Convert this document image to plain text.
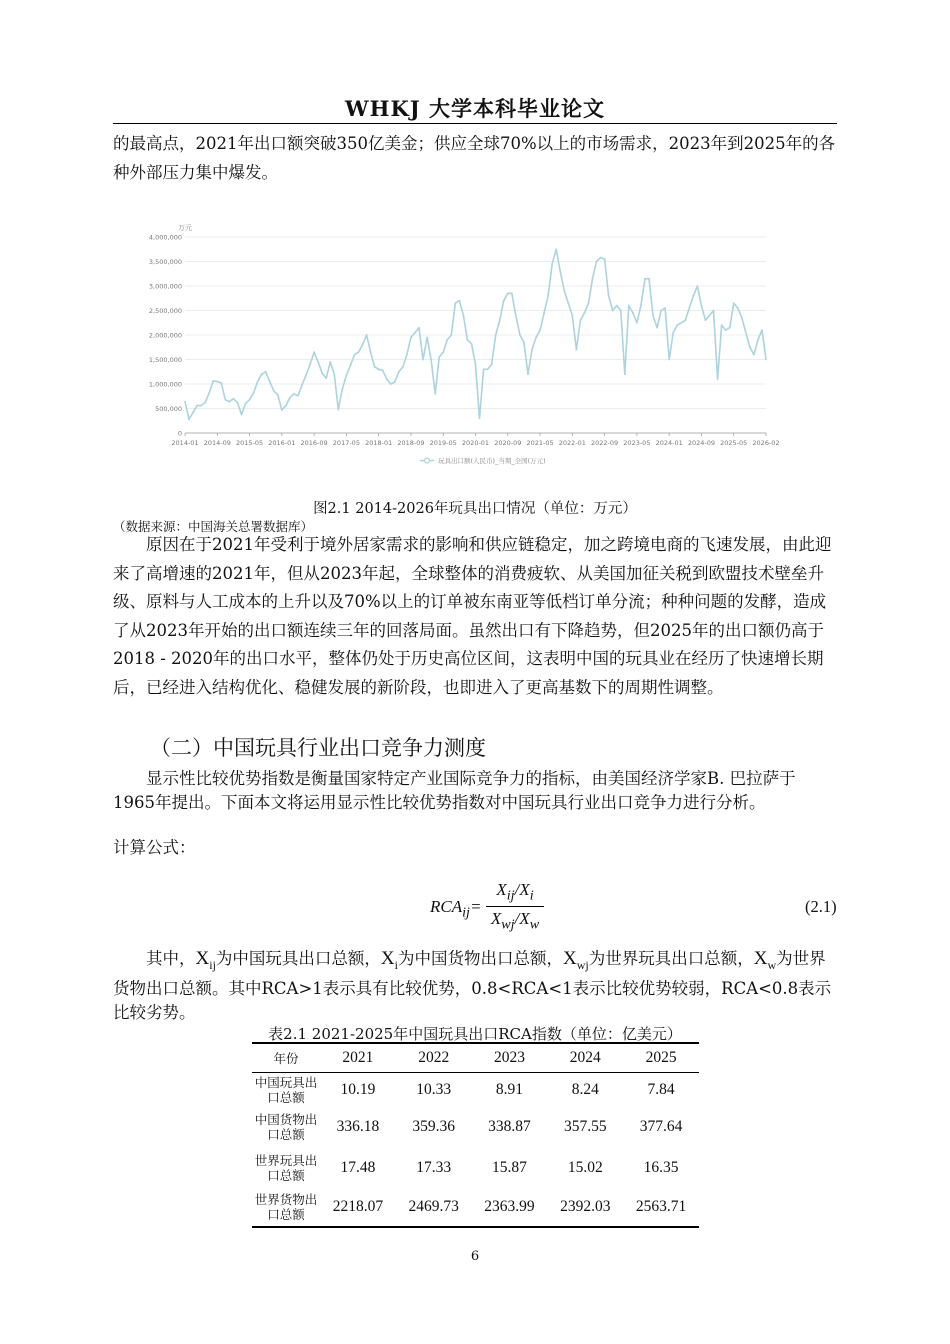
WHKJ 大学本科毕业论文

的最高点，2021年出口额突破350亿美金；供应全球70%以上的市场需求，2023年到2025年的各种外部压力集中爆发。

万元
0
500,000
1,000,000
1,500,000
2,000,000
2,500,000
3,000,000
3,500,000
4,000,000
2014-01 2014-09 2015-05 2016-01 2016-09 2017-05 2018-01 2018-09 2019-05 2020-01 2020-09 2021-05 2022-01 2022-09 2023-05 2024-01 2024-09 2025-05 2026-02
玩具出口额(人民币)_当期_全国(万元)
图2.1 2014-2026年玩具出口情况（单位：万元）
（数据来源：中国海关总署数据库）

原因在于2021年受利于境外居家需求的影响和供应链稳定，加之跨境电商的飞速发展，由此迎来了高增速的2021年，但从2023年起，全球整体的消费疲软、从美国加征关税到欧盟技术壁垒升级、原料与人工成本的上升以及70%以上的订单被东南亚等低档订单分流；种种问题的发酵，造成了从2023年开始的出口额连续三年的回落局面。虽然出口有下降趋势，但2025年的出口额仍高于2018 - 2020年的出口水平，整体仍处于历史高位区间，这表明中国的玩具业在经历了快速增长期后，已经进入结构优化、稳健发展的新阶段，也即进入了更高基数下的周期性调整。

（二）中国玩具行业出口竞争力测度

显示性比较优势指数是衡量国家特定产业国际竞争力的指标，由美国经济学家B. 巴拉萨于1965年提出。下面本文将运用显示性比较优势指数对中国玩具行业出口竞争力进行分析。

计算公式：

$RCA_{ij}=$
$X_{ij}/X_i$
$X_{wj}/X_w$
(2.1)

其中，$X_{ij}$为中国玩具出口总额，$X_i$为中国货物出口总额，$X_{wj}$为世界玩具出口总额，$X_w$为世界货物出口总额。其中RCA>1表示具有比较优势，0.8<RCA<1表示比较优势较弱，RCA<0.8表示比较劣势。

表2.1 2021-2025年中国玩具出口RCA指数（单位：亿美元）
年份	2021	2022	2023	2024	2025
中国玩具出口总额	10.19	10.33	8.91	8.24	7.84
中国货物出口总额	336.18	359.36	338.87	357.55	377.64
世界玩具出口总额	17.48	17.33	15.87	15.02	16.35
世界货物出口总额	2218.07	2469.73	2363.99	2392.03	2563.71
6
